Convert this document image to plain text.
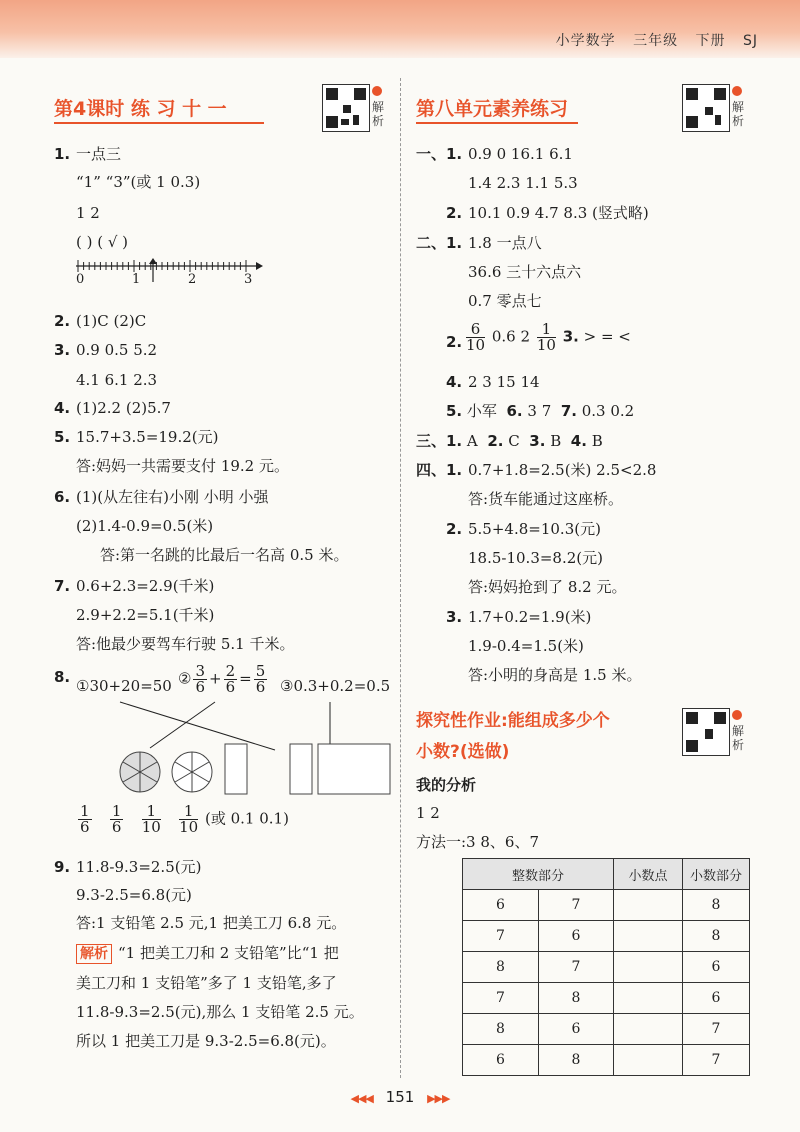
小学数学 三年级 下册 SJ
第4课时 练 习 十 一	解析
1. 一点三
“1” “3”(或 1 0.3)
1 2
( ) ( √ )
0	1	2	3
2. (1)C (2)C
3. 0.9 0.5 5.2
4.1 6.1 2.3
4. (1)2.2 (2)5.7
5. 15.7+3.5=19.2(元)
答:妈妈一共需要支付 19.2 元。
6. (1)(从左往右)小刚 小明 小强
(2)1.4-0.9=0.5(米)
答:第一名跳的比最后一名高 0.5 米。
7. 0.6+2.3=2.9(千米)
2.9+2.2=5.1(千米)
答:他最少要驾车行驶 5.1 千米。
8. ①30+20=50 ② $\frac{3}{6} + \frac{2}{6} = \frac{5}{6}$ ③0.3+0.2=0.5
$\frac{1}{6}$
$\frac{1}{6}$
$\frac{1}{10}$
$\frac{1}{10}$ (或 0.1 0.1)
9. 11.8-9.3=2.5(元)
9.3-2.5=6.8(元)
答:1 支铅笔 2.5 元,1 把美工刀 6.8 元。
解析 “1 把美工刀和 2 支铅笔”比“1 把
美工刀和 1 支铅笔”多了 1 支铅笔,多了
11.8-9.3=2.5(元),那么 1 支铅笔 2.5 元。
所以 1 把美工刀是 9.3-2.5=6.8(元)。
第八单元素养练习	解析
一、1. 0.9 0 16.1 6.1
1.4 2.3 1.1 5.3
2. 10.1 0.9 4.7 8.3 (竖式略)
二、1. 1.8 一点八
36.6 三十六点六
0.7 零点七
2. $\frac{6}{10} 0.6$ $2 \frac{1}{10} 3$. > = <
4. 2 3 15 14
5. 小军 6. 3 7 7. 0.3 0.2
三、1. A 2. C 3. B 4. B
四、1. 0.7+1.8=2.5(米) 2.5<2.8
答:货车能通过这座桥。
2. 5.5+4.8=10.3(元)
18.5-10.3=8.2(元)
答:妈妈抢到了 8.2 元。
3. 1.7+0.2=1.9(米)
1.9-0.4=1.5(米)
答:小明的身高是 1.5 米。
探究性作业:能组成多少个
小数?(选做)
解析
我的分析
1 2
方法一:3 8、6、7
整数部分		小数点	小数部分
6	7		8
7	6		8
8	7		6
7	8		6
8	6		7
6	8		7
◀◀◀ 151 ▶▶▶
